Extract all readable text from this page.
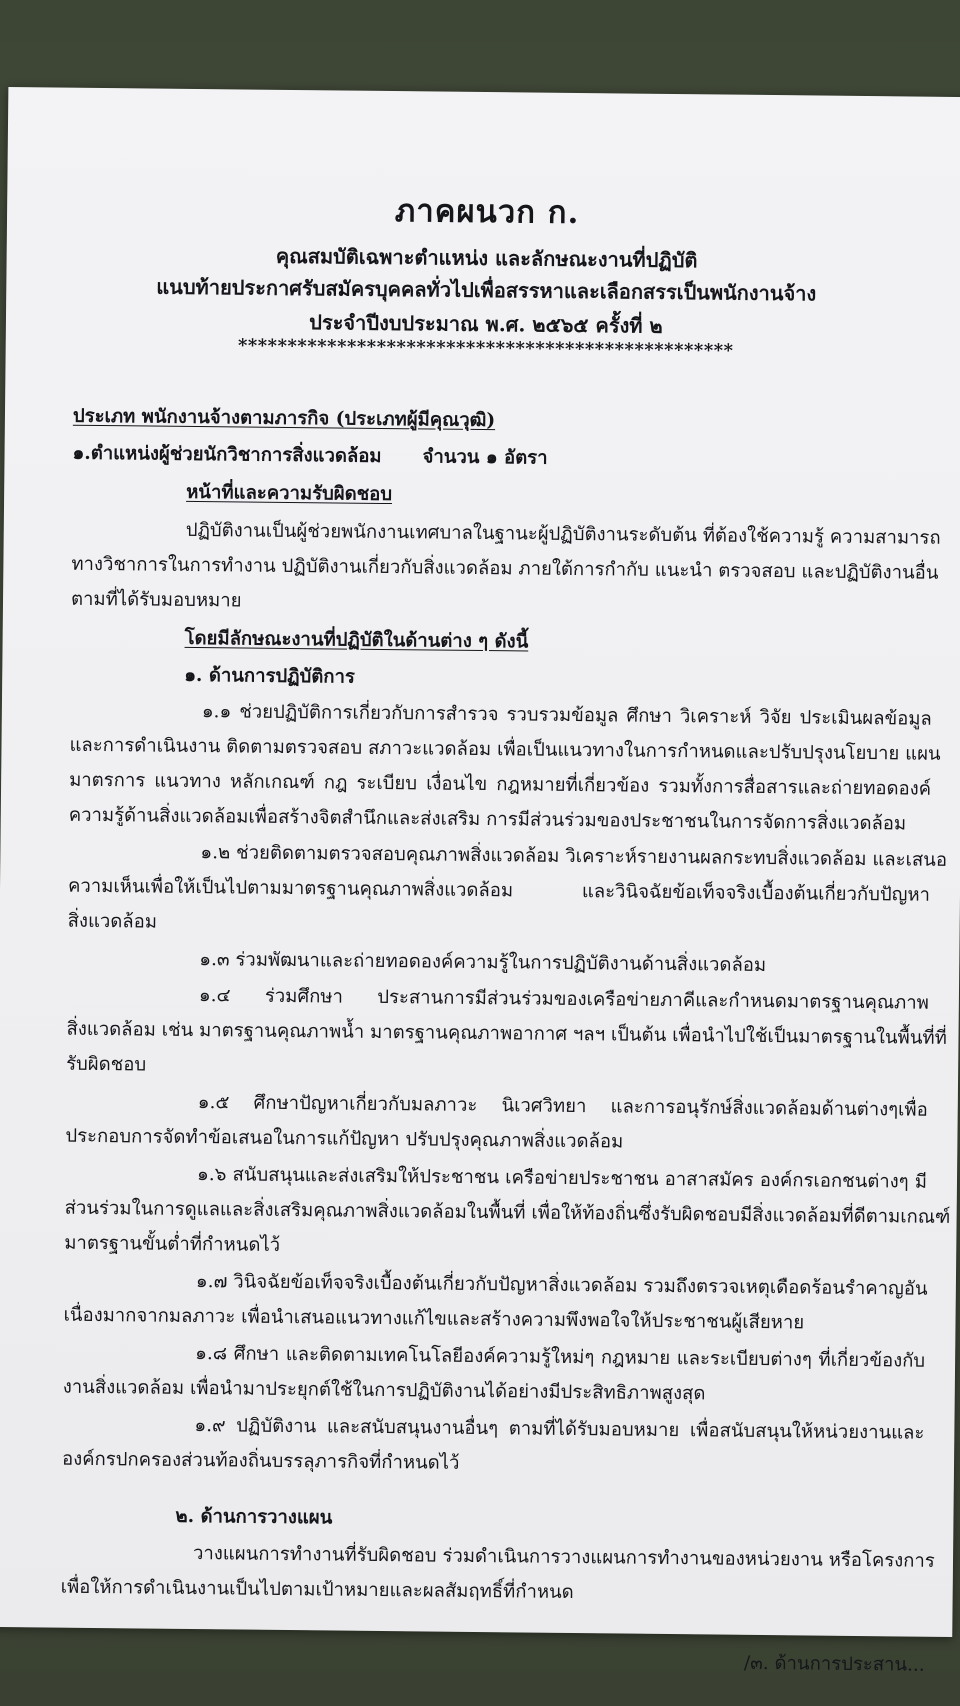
ภาคผนวก ก.
คุณสมบัติเฉพาะตำแหน่ง และลักษณะงานที่ปฏิบัติ
แนบท้ายประกาศรับสมัครบุคคลทั่วไปเพื่อสรรหาและเลือกสรรเป็นพนักงานจ้าง
ประจำปีงบประมาณ พ.ศ. ๒๕๖๕ ครั้งที่ ๒
**************************************************
ประเภท พนักงานจ้างตามภารกิจ (ประเภทผู้มีคุณวุฒิ)
๑.ตำแหน่งผู้ช่วยนักวิชาการสิ่งแวดล้อม จำนวน ๑ อัตรา
หน้าที่และความรับผิดชอบ
ปฏิบัติงานเป็นผู้ช่วยพนักงานเทศบาลในฐานะผู้ปฏิบัติงานระดับต้น ที่ต้องใช้ความรู้ ความสามารถ
ทางวิชาการในการทำงาน ปฏิบัติงานเกี่ยวกับสิ่งแวดล้อม ภายใต้การกำกับ แนะนำ ตรวจสอบ และปฏิบัติงานอื่น
ตามที่ได้รับมอบหมาย
โดยมีลักษณะงานที่ปฏิบัติในด้านต่าง ๆ ดังนี้
๑. ด้านการปฏิบัติการ
๑.๑ ช่วยปฏิบัติการเกี่ยวกับการสำรวจ รวบรวมข้อมูล ศึกษา วิเคราะห์ วิจัย ประเมินผลข้อมูล
และการดำเนินงาน ติดตามตรวจสอบ สภาวะแวดล้อม เพื่อเป็นแนวทางในการกำหนดและปรับปรุงนโยบาย แผน
มาตรการ แนวทาง หลักเกณฑ์ กฎ ระเบียบ เงื่อนไข กฎหมายที่เกี่ยวข้อง รวมทั้งการสื่อสารและถ่ายทอดองค์
ความรู้ด้านสิ่งแวดล้อมเพื่อสร้างจิตสำนึกและส่งเสริม การมีส่วนร่วมของประชาชนในการจัดการสิ่งแวดล้อม
๑.๒ ช่วยติดตามตรวจสอบคุณภาพสิ่งแวดล้อม วิเคราะห์รายงานผลกระทบสิ่งแวดล้อม และเสนอ
ความเห็นเพื่อให้เป็นไปตามมาตรฐานคุณภาพสิ่งแวดล้อม และวินิจฉัยข้อเท็จจริงเบื้องต้นเกี่ยวกับปัญหา
สิ่งแวดล้อม
๑.๓ ร่วมพัฒนาและถ่ายทอดองค์ความรู้ในการปฏิบัติงานด้านสิ่งแวดล้อม
๑.๔ ร่วมศึกษา ประสานการมีส่วนร่วมของเครือข่ายภาคีและกำหนดมาตรฐานคุณภาพ
สิ่งแวดล้อม เช่น มาตรฐานคุณภาพน้ำ มาตรฐานคุณภาพอากาศ ฯลฯ เป็นต้น เพื่อนำไปใช้เป็นมาตรฐานในพื้นที่ที่
รับผิดชอบ
๑.๕ ศึกษาปัญหาเกี่ยวกับมลภาวะ นิเวศวิทยา และการอนุรักษ์สิ่งแวดล้อมด้านต่างๆเพื่อ
ประกอบการจัดทำข้อเสนอในการแก้ปัญหา ปรับปรุงคุณภาพสิ่งแวดล้อม
๑.๖ สนับสนุนและส่งเสริมให้ประชาชน เครือข่ายประชาชน อาสาสมัคร องค์กรเอกชนต่างๆ มี
ส่วนร่วมในการดูแลและสิ่งเสริมคุณภาพสิ่งแวดล้อมในพื้นที่ เพื่อให้ท้องถิ่นซึ่งรับผิดชอบมีสิ่งแวดล้อมที่ดีตามเกณฑ์
มาตรฐานขั้นต่ำที่กำหนดไว้
๑.๗ วินิจฉัยข้อเท็จจริงเบื้องต้นเกี่ยวกับปัญหาสิ่งแวดล้อม รวมถึงตรวจเหตุเดือดร้อนรำคาญอัน
เนื่องมากจากมลภาวะ เพื่อนำเสนอแนวทางแก้ไขและสร้างความพึงพอใจให้ประชาชนผู้เสียหาย
๑.๘ ศึกษา และติดตามเทคโนโลยีองค์ความรู้ใหม่ๆ กฎหมาย และระเบียบต่างๆ ที่เกี่ยวข้องกับ
งานสิ่งแวดล้อม เพื่อนำมาประยุกต์ใช้ในการปฏิบัติงานได้อย่างมีประสิทธิภาพสูงสุด
๑.๙ ปฏิบัติงาน และสนับสนุนงานอื่นๆ ตามที่ได้รับมอบหมาย เพื่อสนับสนุนให้หน่วยงานและ
องค์กรปกครองส่วนท้องถิ่นบรรลุภารกิจที่กำหนดไว้
๒. ด้านการวางแผน
วางแผนการทำงานที่รับผิดชอบ ร่วมดำเนินการวางแผนการทำงานของหน่วยงาน หรือโครงการ
เพื่อให้การดำเนินงานเป็นไปตามเป้าหมายและผลสัมฤทธิ์ที่กำหนด
/๓. ด้านการประสาน...
